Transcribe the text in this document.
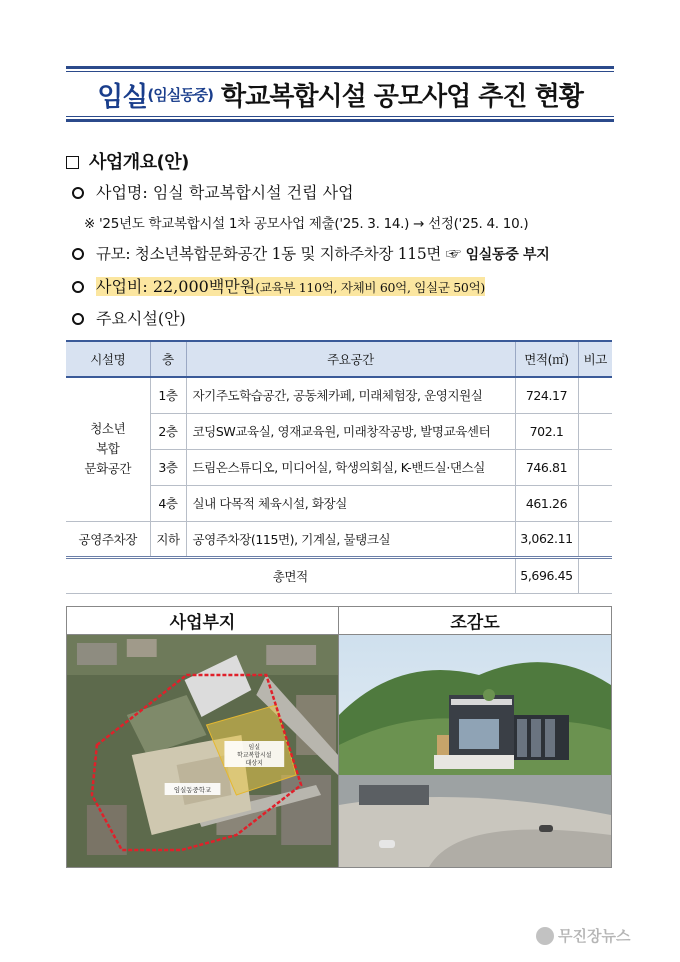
임실 (임실동중) 학교복합시설 공모사업 추진 현황
사업개요(안)
사업명: 임실 학교복합시설 건립 사업
※ '25년도 학교복합시설 1차 공모사업 제출('25. 3. 14.) → 선정('25. 4. 10.)
규모: 청소년복합문화공간 1동 및 지하주차장 115면 ☞ 임실동중 부지
사업비: 22,000백만원(교육부 110억, 자체비 60억, 임실군 50억)
주요시설(안)
시설명	층	주요공간	면적(㎡)	비고
청소년
복합
문화공간	1층	자기주도학습공간, 공동체카페, 미래체험장, 운영지원실	724.17	
	2층	코딩SW교육실, 영재교육원, 미래창작공방, 발명교육센터	702.1	
	3층	드림온스튜디오, 미디어실, 학생의회실, K-밴드실·댄스실	746.81	
	4층	실내 다목적 체육시설, 화장실	461.26	
공영주차장	지하	공영주차장(115면), 기계실, 물탱크실	3,062.11	
총면적			5,696.45	
사업부지	조감도
임실
학교복합시설
대상지
임실동중학교
무진장뉴스
